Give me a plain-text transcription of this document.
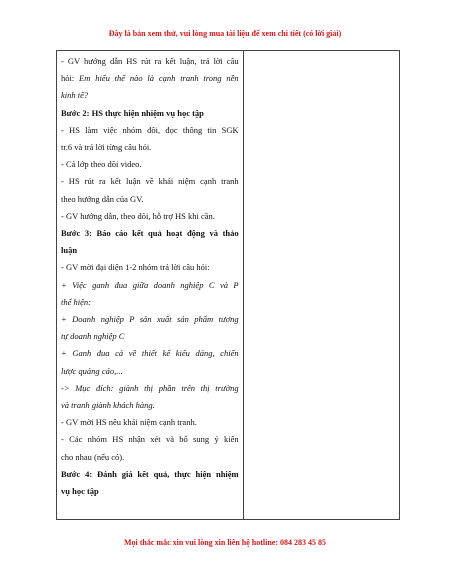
Đây là bản xem thử, vui lòng mua tài liệu để xem chi tiết (có lời giải)
- GV hướng dẫn HS rút ra kết luận, trả lời câu
hỏi: Em hiểu thế nào là cạnh tranh trong nền
kinh tế?
Bước 2: HS thực hiện nhiệm vụ học tập
- HS làm việc nhóm đôi, đọc thông tin SGK
tr.6 và trả lời từng câu hỏi.
- Cả lớp theo dõi video.
- HS rút ra kết luận về khái niệm cạnh tranh
theo hướng dẫn của GV.
- GV hướng dẫn, theo dõi, hỗ trợ HS khi cần.
Bước 3: Báo cáo kết quả hoạt động và thảo
luận
- GV mời đại diện 1-2 nhóm trả lời câu hỏi:
+ Việc ganh đua giữa doanh nghiệp C và P
thể hiện:
+ Doanh nghiệp P sản xuất sản phẩm tương
tự doanh nghiệp C
+ Ganh đua cả về thiết kế kiểu dáng, chiến
lược quảng cáo,...
-> Mục đích: giành thị phần trên thị trường
và tranh giành khách hàng.
- GV mời HS nêu khái niệm cạnh tranh.
- Các nhóm HS nhận xét và bổ sung ý kiến
cho nhau (nếu có).
Bước 4: Đánh giá kết quả, thực hiện nhiệm
vụ học tập

Mọi thắc mắc xin vui lòng xin liên hệ hotline: 084 283 45 85
